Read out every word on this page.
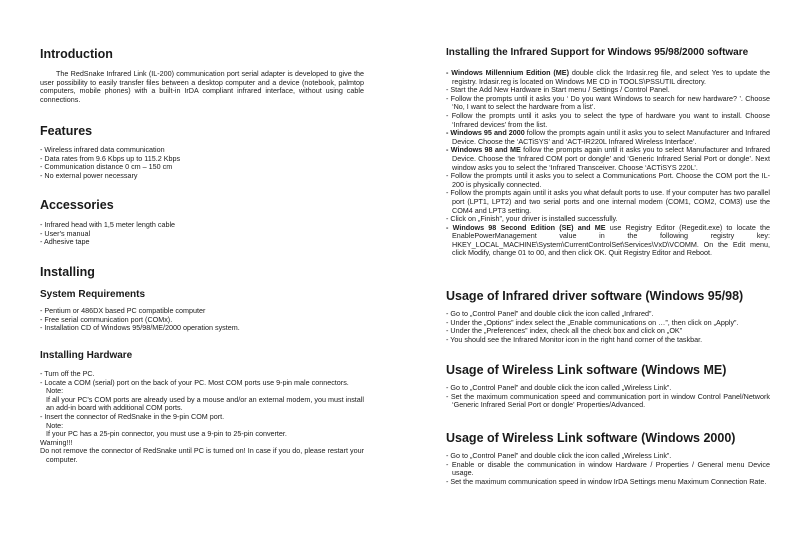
Introduction
The RedSnake Infrared Link (IL-200) communication port serial adapter is developed to give the user possibility to easily transfer files between a desktop computer and a device (notebook, palmtop computers, mobile phones) with a built-in IrDA compliant infrared interface, without using cable connections.
Features
- Wireless infrared data communication
- Data rates from 9.6 Kbps up to 115.2 Kbps
- Communication distance 0 cm – 150 cm
- No external power necessary
Accessories
- Infrared head with 1,5 meter length cable
- User's manual
- Adhesive tape
Installing
System Requirements
- Pentium or 486DX based PC compatible computer
- Free serial communication port (COMx).
- Installation CD of Windows 95/98/ME/2000 operation system.
Installing Hardware
- Turn off the PC.
- Locate a COM (serial) port on the back of your PC. Most COM ports use 9-pin male connectors.
Note:
If all your PC’s COM ports are already used by a mouse and/or an external modem, you must install an add-in board with additional COM ports.
- Insert the connector of RedSnake in the 9-pin COM port.
Note:
If your PC has a 25-pin connector, you must use a 9-pin to 25-pin converter.
Warning!!!
Do not remove the connector of RedSnake until PC is turned on! In case if you do, please restart your computer.
Installing the Infrared Support for Windows 95/98/2000 software
- Windows Millennium Edition (ME) double click the Irdasir.reg file, and select Yes to update the registry. Irdasir.reg is located on Windows ME CD in TOOLS\PSSUTIL directory.
- Start the Add New Hardware in Start menu / Settings / Control Panel.
- Follow the prompts until it asks you ‘ Do you want Windows to search for new hardware? ’. Choose ‘No, I want to select the hardware from a list’.
- Follow the prompts until it asks you to select the type of hardware you want to install. Choose ‘Infrared devices’ from the list.
- Windows 95 and 2000 follow the prompts again until it asks you to select Manufacturer and Infrared Device. Choose the ‘ACTiSYS’ and ‘ACT-IR220L Infrared Wireless Interface’.
- Windows 98 and ME follow the prompts again until it asks you to select Manufacturer and Infrared Device. Choose the ‘Infrared COM port or dongle’ and ‘Generic Infrared Serial Port or dongle’. Next window asks you to select the ‘Infrared Transceiver. Choose ‘ACTiSYS 220L’.
- Follow the prompts until it asks you to select a Communications Port. Choose the COM port the IL-200 is physically connected.
- Follow the prompts again until it asks you what default ports to use. If your computer has two parallel port (LPT1, LPT2) and two serial ports and one internal modem (COM1, COM2, COM3) use the COM4 and LPT3 setting.
- Click on „Finish”, your driver is installed successfully.
- Windows 98 Second Edition (SE) and ME use Registry Editor (Regedit.exe) to locate the EnablePowerManagement value in the following registry key: HKEY_LOCAL_MACHINE\System\CurrentControlSet\Services\VxD\VCOMM. On the Edit menu, click Modify, change 01 to 00, and then click OK. Quit Registry Editor and Reboot.
Usage of Infrared driver software (Windows 95/98)
- Go to „Control Panel” and double click the icon called „Infrared”.
- Under the „Options” index select the „Enable communications on …”, then click on „Apply”.
- Under the „Preferences” index, check all the check box and click on „OK”
- You should see the Infrared Monitor icon in the right hand corner of the taskbar.
Usage of Wireless Link software (Windows ME)
- Go to „Control Panel” and double click the icon called „Wireless Link”.
- Set the maximum communication speed and communication port in window Control Panel/Network ‘Generic Infrared Serial Port or dongle’ Properties/Advanced.
Usage of Wireless Link software (Windows 2000)
- Go to „Control Panel” and double click the icon called „Wireless Link”.
- Enable or disable the communication in window Hardware / Properties / General menu Device usage.
- Set the maximum communication speed in window IrDA Settings menu Maximum Connection Rate.
